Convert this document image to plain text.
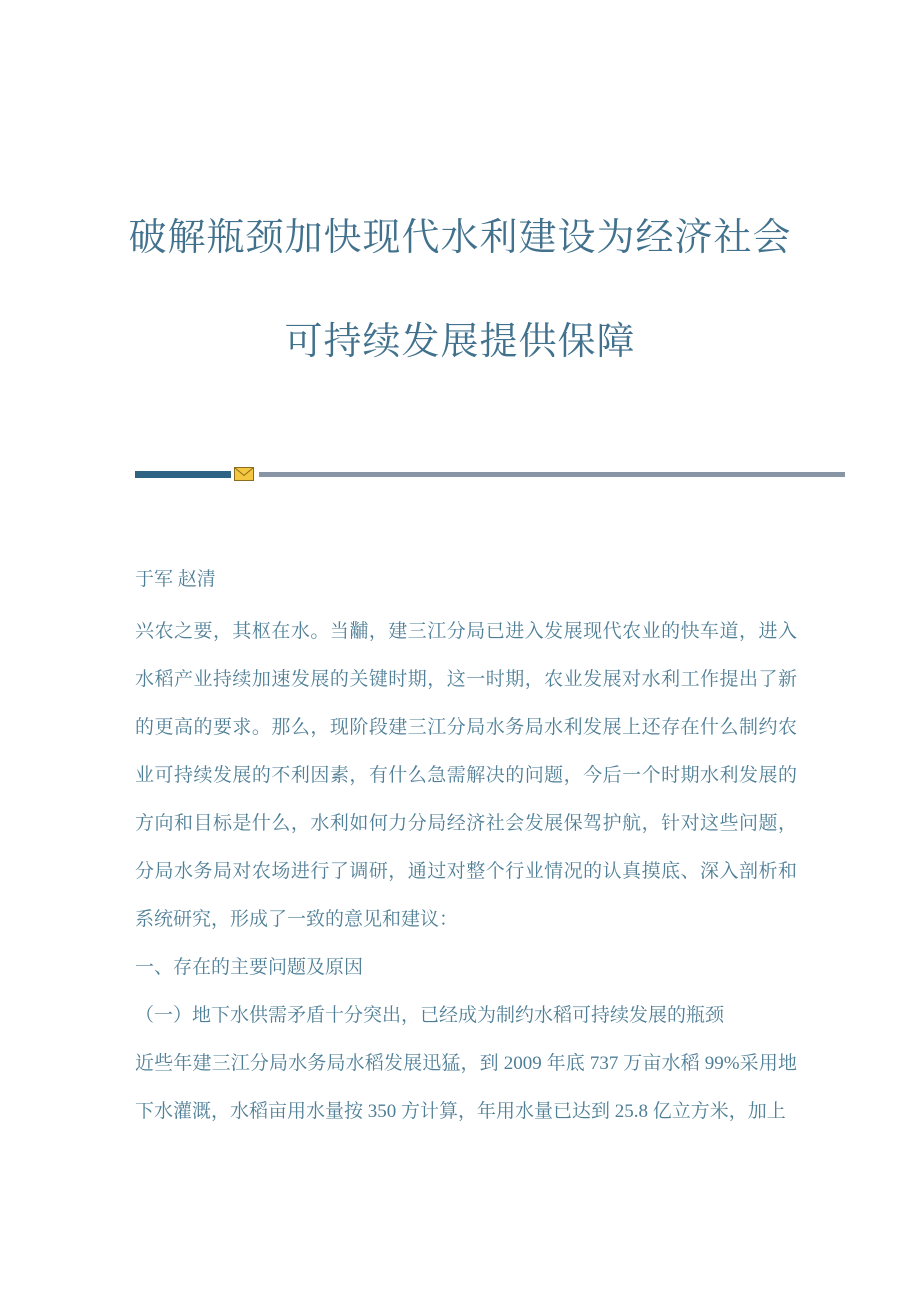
破解瓶颈加快现代水利建设为经济社会
可持续发展提供保障
于军 赵清

兴农之要，其枢在水。当黼，建三江分局已进入发展现代农业的快车道，进入水稻产业持续加速发展的关键时期，这一时期，农业发展对水利工作提出了新的更高的要求。那么，现阶段建三江分局水务局水利发展上还存在什么制约农业可持续发展的不利因素，有什么急需解决的问题，今后一个时期水利发展的方向和目标是什么，水利如何力分局经济社会发展保驾护航，针对这些问题，分局水务局对农场进行了调研，通过对整个行业情况的认真摸底、深入剖析和系统研究，形成了一致的意见和建议：

一、存在的主要问题及原因

（一）地下水供需矛盾十分突出，已经成为制约水稻可持续发展的瓶颈

近些年建三江分局水务局水稻发展迅猛，到 2009 年底 737 万亩水稻 99%采用地下水灌溉，水稻亩用水量按 350 方计算，年用水量已达到 25.8 亿立方米，加上
